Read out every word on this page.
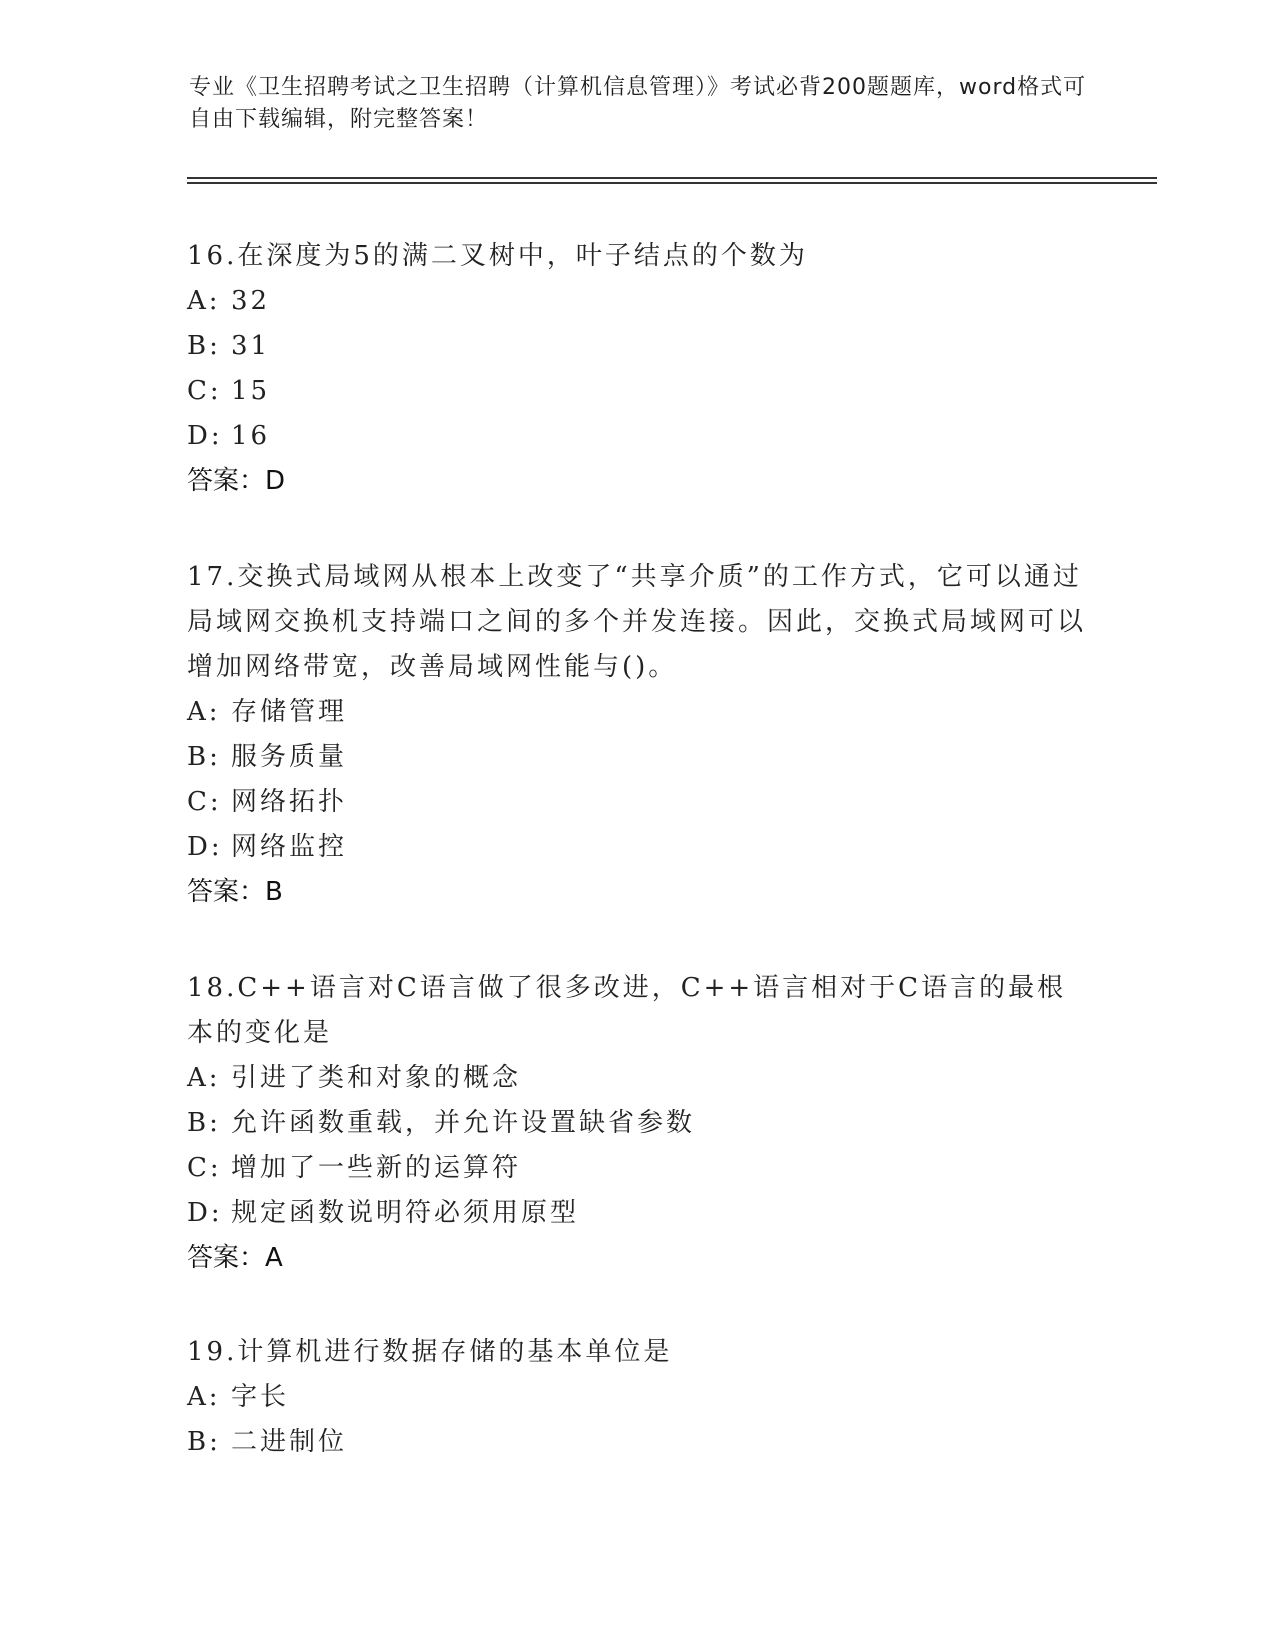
专业《卫生招聘考试之卫生招聘（计算机信息管理）》考试必背200题题库，word格式可自由下载编辑，附完整答案！

16.在深度为5的满二叉树中，叶子结点的个数为

A: 32

B: 31

C: 15

D: 16

答案：D

17.交换式局域网从根本上改变了“共享介质”的工作方式，它可以通过局域网交换机支持端口之间的多个并发连接。因此，交换式局域网可以增加网络带宽，改善局域网性能与()。

A: 存储管理

B: 服务质量

C: 网络拓扑

D: 网络监控

答案：B

18.C++语言对C语言做了很多改进，C++语言相对于C语言的最根本的变化是

A: 引进了类和对象的概念

B: 允许函数重载，并允许设置缺省参数

C: 增加了一些新的运算符

D: 规定函数说明符必须用原型

答案：A

19.计算机进行数据存储的基本单位是

A: 字长

B: 二进制位
